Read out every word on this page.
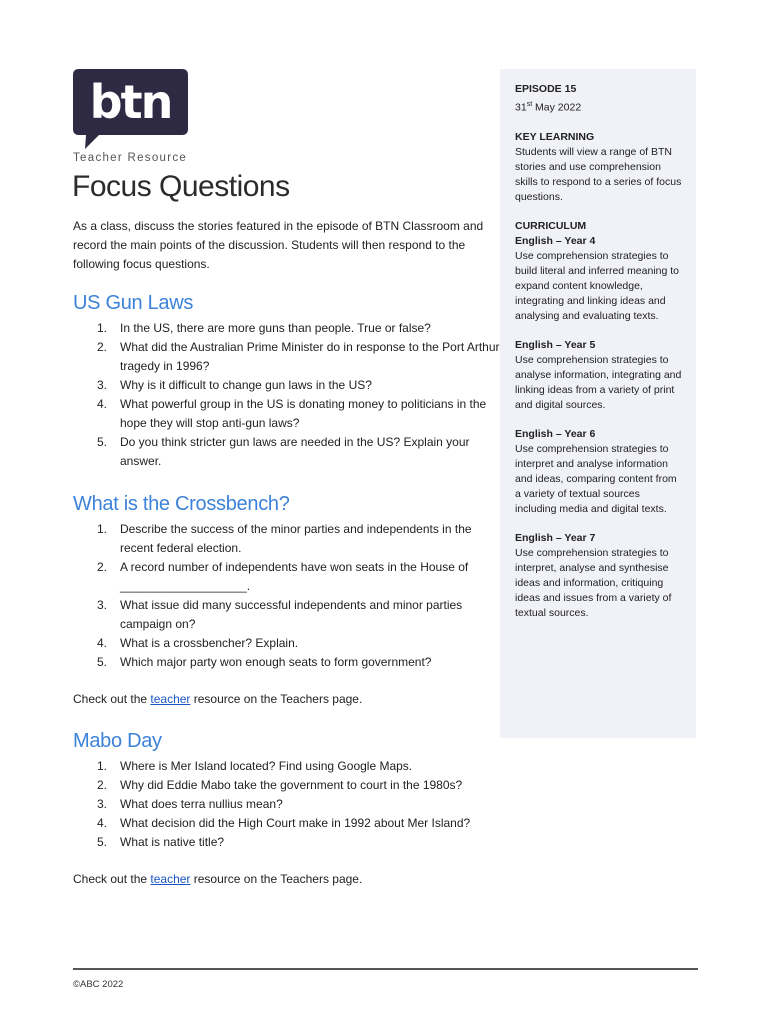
btn
Teacher Resource
Focus Questions

As a class, discuss the stories featured in the episode of BTN Classroom and record the main points of the discussion. Students will then respond to the following focus questions.

US Gun Laws
1. In the US, there are more guns than people. True or false?
2. What did the Australian Prime Minister do in response to the Port Arthur tragedy in 1996?
3. Why is it difficult to change gun laws in the US?
4. What powerful group in the US is donating money to politicians in the hope they will stop anti-gun laws?
5. Do you think stricter gun laws are needed in the US? Explain your answer.
What is the Crossbench?
1. Describe the success of the minor parties and independents in the recent federal election.
2. A record number of independents have won seats in the House of ___________________.
3. What issue did many successful independents and minor parties campaign on?
4. What is a crossbencher? Explain.
5. Which major party won enough seats to form government?

Check out the teacher resource on the Teachers page.

Mabo Day
1. Where is Mer Island located? Find using Google Maps.
2. Why did Eddie Mabo take the government to court in the 1980s?
3. What does terra nullius mean?
4. What decision did the High Court make in 1992 about Mer Island?
5. What is native title?

Check out the teacher resource on the Teachers page.

EPISODE 15

31st May 2022

KEY LEARNING

Students will view a range of BTN stories and use comprehension skills to respond to a series of focus questions.

CURRICULUM

English – Year 4

Use comprehension strategies to build literal and inferred meaning to expand content knowledge, integrating and linking ideas and analysing and evaluating texts.

English – Year 5

Use comprehension strategies to analyse information, integrating and linking ideas from a variety of print and digital sources.

English – Year 6

Use comprehension strategies to interpret and analyse information and ideas, comparing content from a variety of textual sources including media and digital texts.

English – Year 7

Use comprehension strategies to interpret, analyse and synthesise ideas and information, critiquing ideas and issues from a variety of textual sources.

©ABC 2022
